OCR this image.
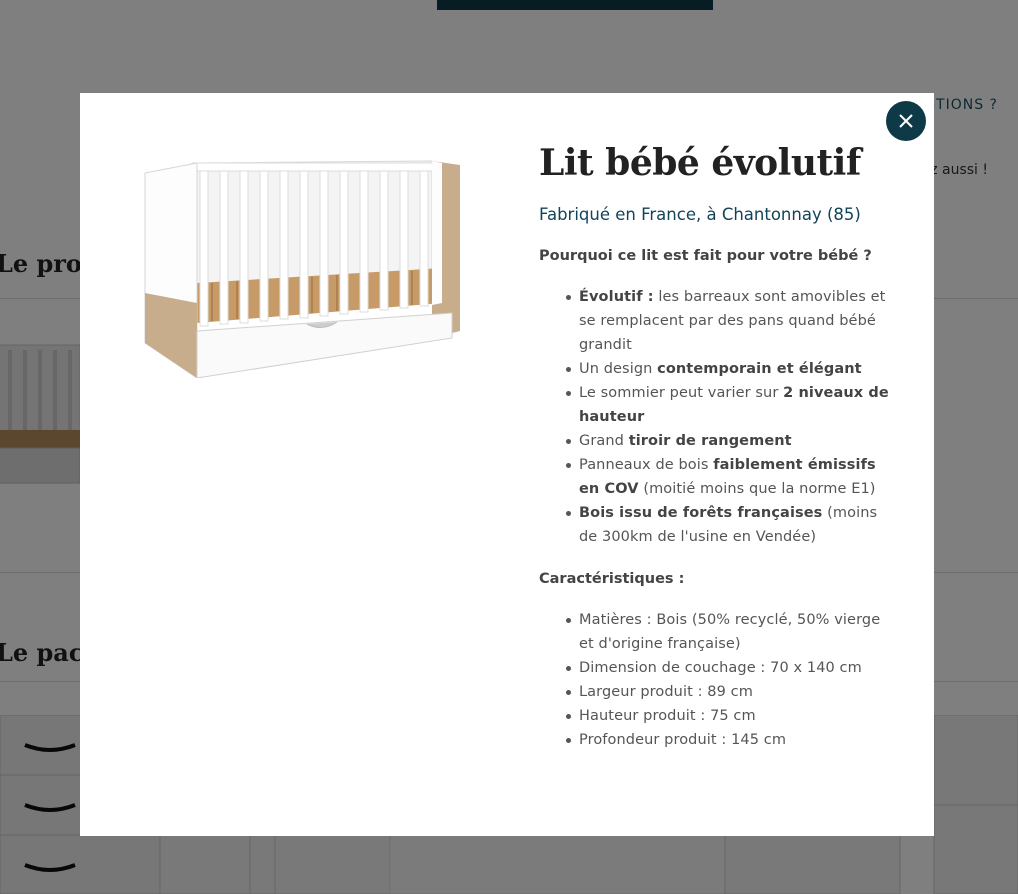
Lit bébé évolutif
Fabriqué en France, à Chantonnay (85)
Pourquoi ce lit est fait pour votre bébé ?
Évolutif : les barreaux sont amovibles et se remplacent par des pans quand bébé grandit
Un design contemporain et élégant
Le sommier peut varier sur 2 niveaux de hauteur
Grand tiroir de rangement
Panneaux de bois faiblement émissifs en COV (moitié moins que la norme E1)
Bois issu de forêts françaises (moins de 300km de l'usine en Vendée)
Caractéristiques :
Matières : Bois (50% recyclé, 50% vierge et d'origine française)
Dimension de couchage : 70 x 140 cm
Largeur produit : 89 cm
Hauteur produit : 75 cm
Profondeur produit : 145 cm
